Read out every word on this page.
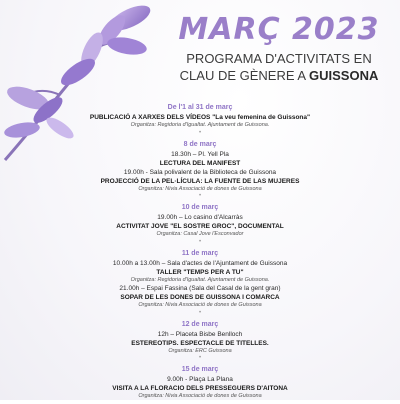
MARÇ 2023
PROGRAMA D'ACTIVITATS EN
CLAU DE GÈNERE A GUISSONA
De l'1 al 31 de març
PUBLICACIÓ A XARXES DELS VÍDEOS "La veu femenina de Guissona"
Organitza: Regidoria d'Igualtat. Ajuntament de Guissona.
•
8 de març
18.30h – Pl. Yell Pla
LECTURA DEL MANIFEST
19.00h - Sala polivalent de la Biblioteca de Guissona
PROJECCIÓ DE LA PEL·LÍCULA: LA FUENTE DE LAS MUJERES
Organitza: Nivia Associació de dones de Guissona
•
10 de març
19.00h – Lo casino d'Alcarràs
ACTIVITAT JOVE "EL SOSTRE GROC", DOCUMENTAL
Organitza: Casal Jove l'Esconvador
•
11 de març
10.00h a 13.00h – Sala d'actes de l'Ajuntament de Guissona
TALLER "TEMPS PER A TU"
Organitza: Regidoria d'Igualtat. Ajuntament de Guissona.
21.00h – Espai Fassina (Sala del Casal de la gent gran)
SOPAR DE LES DONES DE GUISSONA I COMARCA
Organitza: Nivia Associació de dones de Guissona
•
12 de març
12h – Placeta Bisbe Benlloch
ESTEREOTIPS. ESPECTACLE DE TITELLES.
Organitza: ERC Guissona
•
15 de març
9.00h - Plaça La Plana
VISITA A LA FLORACIO DELS PRESSEGUERS D'AITONA
Organitza: Nivia Associació de dones de Guissona
